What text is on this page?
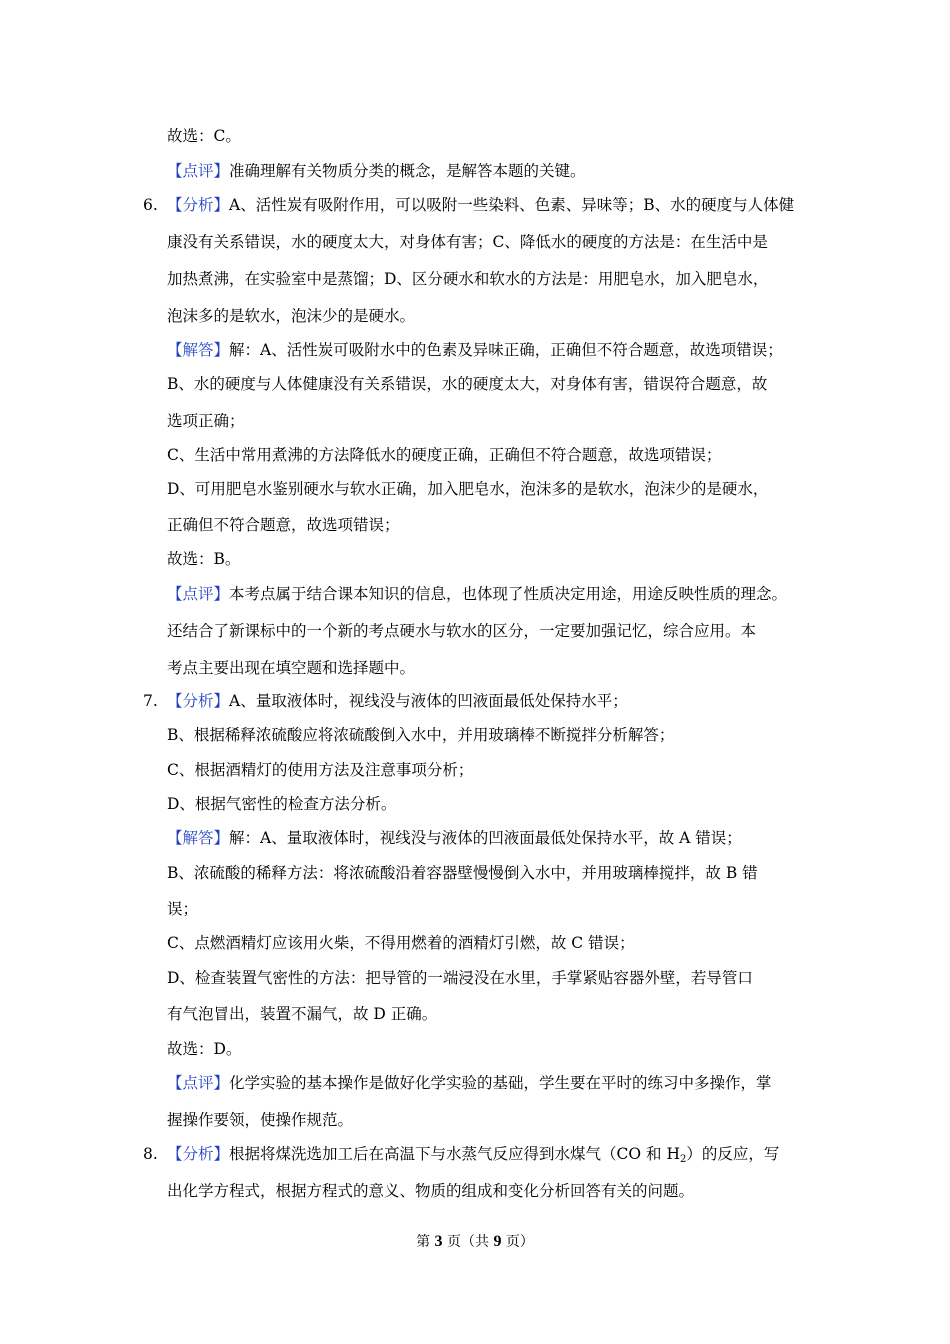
故选：C。
【点评】准确理解有关物质分类的概念，是解答本题的关键。
6. 【分析】A、活性炭有吸附作用，可以吸附一些染料、色素、异味等；B、水的硬度与人体健
康没有关系错误，水的硬度太大，对身体有害；C、降低水的硬度的方法是：在生活中是
加热煮沸，在实验室中是蒸馏；D、区分硬水和软水的方法是：用肥皂水，加入肥皂水，
泡沫多的是软水，泡沫少的是硬水。
【解答】解：A、活性炭可吸附水中的色素及异味正确，正确但不符合题意，故选项错误；
B、水的硬度与人体健康没有关系错误，水的硬度太大，对身体有害，错误符合题意，故
选项正确；
C、生活中常用煮沸的方法降低水的硬度正确，正确但不符合题意，故选项错误；
D、可用肥皂水鉴别硬水与软水正确，加入肥皂水，泡沫多的是软水，泡沫少的是硬水，
正确但不符合题意，故选项错误；
故选：B。
【点评】本考点属于结合课本知识的信息，也体现了性质决定用途，用途反映性质的理念。
还结合了新课标中的一个新的考点硬水与软水的区分，一定要加强记忆，综合应用。本
考点主要出现在填空题和选择题中。
7. 【分析】A、量取液体时，视线没与液体的凹液面最低处保持水平；
B、根据稀释浓硫酸应将浓硫酸倒入水中，并用玻璃棒不断搅拌分析解答；
C、根据酒精灯的使用方法及注意事项分析；
D、根据气密性的检查方法分析。
【解答】解：A、量取液体时，视线没与液体的凹液面最低处保持水平，故 A 错误；
B、浓硫酸的稀释方法：将浓硫酸沿着容器壁慢慢倒入水中，并用玻璃棒搅拌，故 B 错
误；
C、点燃酒精灯应该用火柴，不得用燃着的酒精灯引燃，故 C 错误；
D、检查装置气密性的方法：把导管的一端浸没在水里，手掌紧贴容器外壁，若导管口
有气泡冒出，装置不漏气，故 D 正确。
故选：D。
【点评】化学实验的基本操作是做好化学实验的基础，学生要在平时的练习中多操作，掌
握操作要领，使操作规范。
8. 【分析】根据将煤洗选加工后在高温下与水蒸气反应得到水煤气（CO 和 $H_2$）的反应，写
出化学方程式，根据方程式的意义、物质的组成和变化分析回答有关的问题。
第 3 页（共 9 页）
